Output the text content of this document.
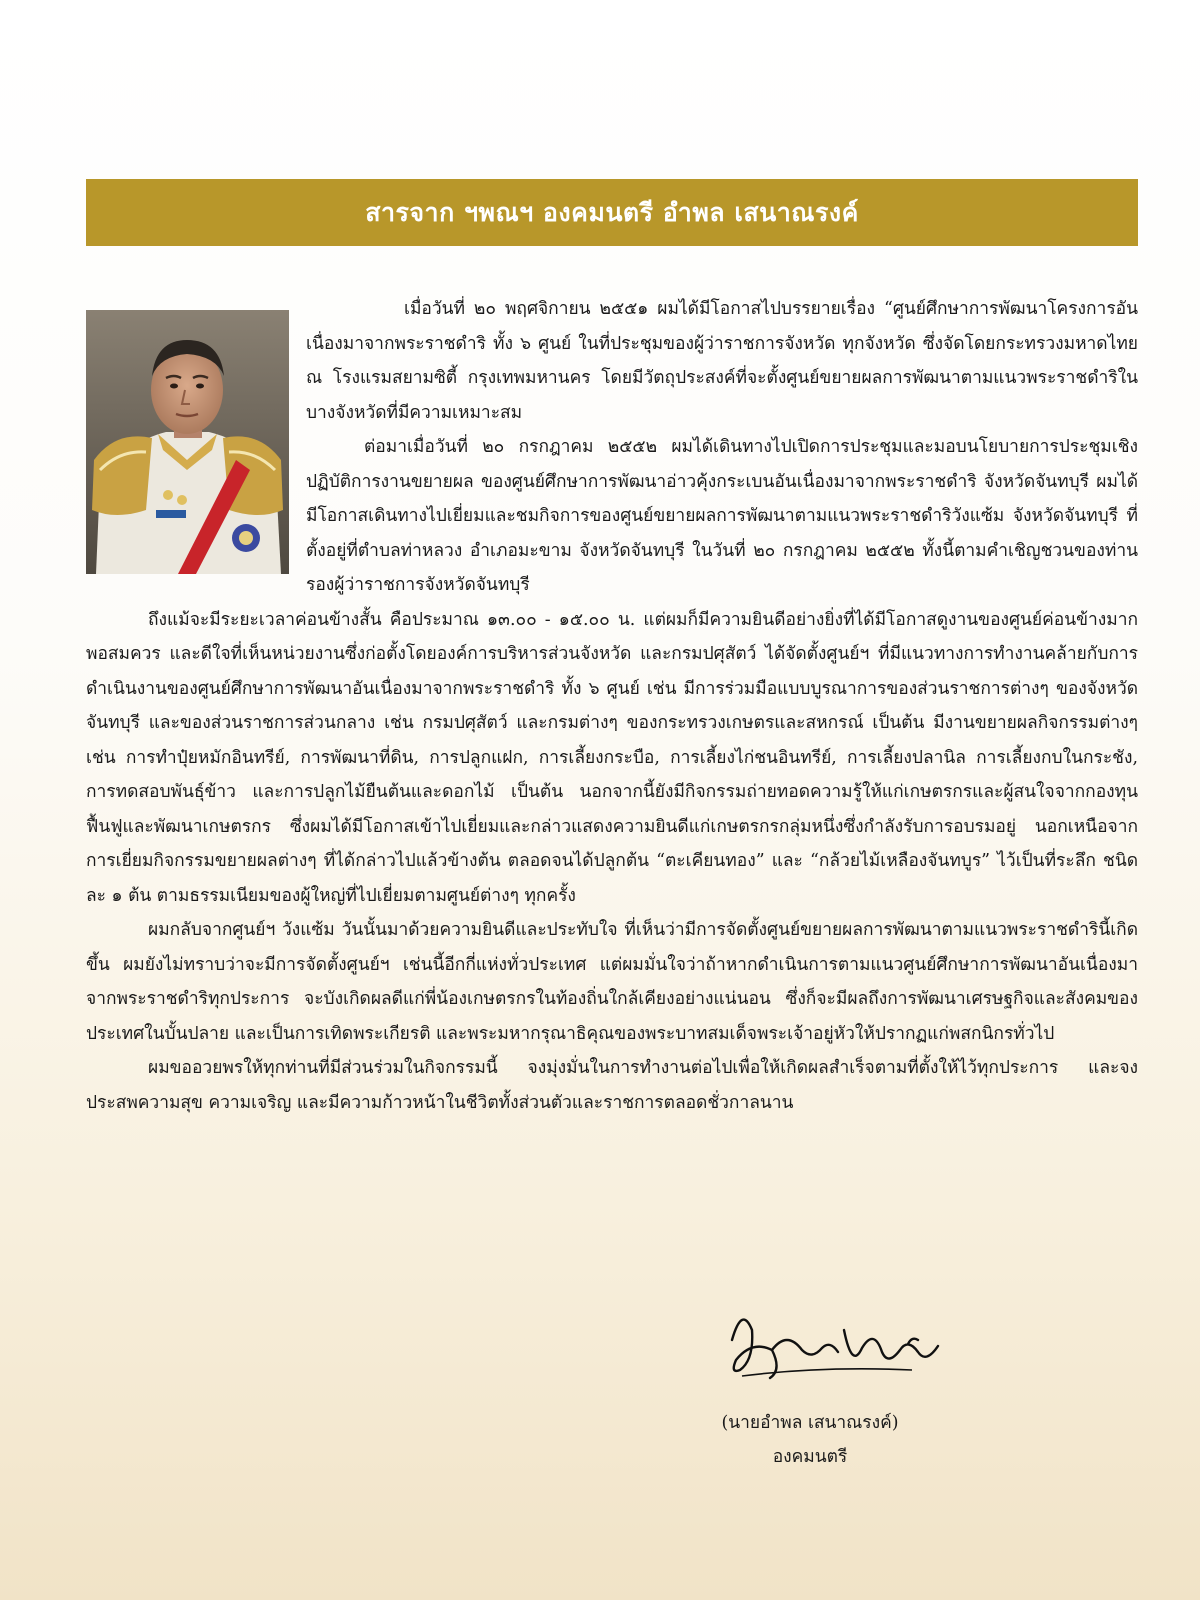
สารจาก ฯพณฯ องคมนตรี อำพล เสนาณรงค์

เมื่อวันที่ ๒๐ พฤศจิกายน ๒๕๕๑ ผมได้มีโอกาสไปบรรยายเรื่อง “ศูนย์ศึกษาการพัฒนาโครงการอันเนื่องมาจากพระราชดำริ ทั้ง ๖ ศูนย์ ในที่ประชุมของผู้ว่าราชการจังหวัด ทุกจังหวัด ซึ่งจัดโดยกระทรวงมหาดไทย ณ โรงแรมสยามซิตี้ กรุงเทพมหานคร โดยมีวัตถุประสงค์ที่จะตั้งศูนย์ขยายผลการพัฒนาตามแนวพระราชดำริในบางจังหวัดที่มีความเหมาะสม

ต่อมาเมื่อวันที่ ๒๐ กรกฎาคม ๒๕๕๒ ผมได้เดินทางไปเปิดการประชุมและมอบนโยบายการประชุมเชิงปฏิบัติการงานขยายผล ของศูนย์ศึกษาการพัฒนาอ่าวคุ้งกระเบนอันเนื่องมาจากพระราชดำริ จังหวัดจันทบุรี ผมได้มีโอกาสเดินทางไปเยี่ยมและชมกิจการของศูนย์ขยายผลการพัฒนาตามแนวพระราชดำริวังแซ้ม จังหวัดจันทบุรี ที่ตั้งอยู่ที่ตำบลท่าหลวง อำเภอมะขาม จังหวัดจันทบุรี ในวันที่ ๒๐ กรกฎาคม ๒๕๕๒ ทั้งนี้ตามคำเชิญชวนของท่านรองผู้ว่าราชการจังหวัดจันทบุรี

ถึงแม้จะมีระยะเวลาค่อนข้างสั้น คือประมาณ ๑๓.๐๐ - ๑๕.๐๐ น. แต่ผมก็มีความยินดีอย่างยิ่งที่ได้มีโอกาสดูงานของศูนย์ค่อนข้างมากพอสมควร และดีใจที่เห็นหน่วยงานซึ่งก่อตั้งโดยองค์การบริหารส่วนจังหวัด และกรมปศุสัตว์ ได้จัดตั้งศูนย์ฯ ที่มีแนวทางการทำงานคล้ายกับการดำเนินงานของศูนย์ศึกษาการพัฒนาอันเนื่องมาจากพระราชดำริ ทั้ง ๖ ศูนย์ เช่น มีการร่วมมือแบบบูรณาการของส่วนราชการต่างๆ ของจังหวัดจันทบุรี และของส่วนราชการส่วนกลาง เช่น กรมปศุสัตว์ และกรมต่างๆ ของกระทรวงเกษตรและสหกรณ์ เป็นต้น มีงานขยายผลกิจกรรมต่างๆ เช่น การทำปุ๋ยหมักอินทรีย์, การพัฒนาที่ดิน, การปลูกแฝก, การเลี้ยงกระบือ, การเลี้ยงไก่ชนอินทรีย์, การเลี้ยงปลานิล การเลี้ยงกบในกระชัง, การทดสอบพันธุ์ข้าว และการปลูกไม้ยืนต้นและดอกไม้ เป็นต้น นอกจากนี้ยังมีกิจกรรมถ่ายทอดความรู้ให้แก่เกษตรกรและผู้สนใจจากกองทุนฟื้นฟูและพัฒนาเกษตรกร ซึ่งผมได้มีโอกาสเข้าไปเยี่ยมและกล่าวแสดงความยินดีแก่เกษตรกรกลุ่มหนึ่งซึ่งกำลังรับการอบรมอยู่ นอกเหนือจากการเยี่ยมกิจกรรมขยายผลต่างๆ ที่ได้กล่าวไปแล้วข้างต้น ตลอดจนได้ปลูกต้น “ตะเคียนทอง” และ “กล้วยไม้เหลืองจันทบูร” ไว้เป็นที่ระลึก ชนิดละ ๑ ต้น ตามธรรมเนียมของผู้ใหญ่ที่ไปเยี่ยมตามศูนย์ต่างๆ ทุกครั้ง

ผมกลับจากศูนย์ฯ วังแซ้ม วันนั้นมาด้วยความยินดีและประทับใจ ที่เห็นว่ามีการจัดตั้งศูนย์ขยายผลการพัฒนาตามแนวพระราชดำรินี้เกิดขึ้น ผมยังไม่ทราบว่าจะมีการจัดตั้งศูนย์ฯ เช่นนี้อีกกี่แห่งทั่วประเทศ แต่ผมมั่นใจว่าถ้าหากดำเนินการตามแนวศูนย์ศึกษาการพัฒนาอันเนื่องมาจากพระราชดำริทุกประการ จะบังเกิดผลดีแก่พี่น้องเกษตรกรในท้องถิ่นใกล้เคียงอย่างแน่นอน ซึ่งก็จะมีผลถึงการพัฒนาเศรษฐกิจและสังคมของประเทศในบั้นปลาย และเป็นการเทิดพระเกียรติ และพระมหากรุณาธิคุณของพระบาทสมเด็จพระเจ้าอยู่หัวให้ปรากฏแก่พสกนิกรทั่วไป

ผมขออวยพรให้ทุกท่านที่มีส่วนร่วมในกิจกรรมนี้ จงมุ่งมั่นในการทำงานต่อไปเพื่อให้เกิดผลสำเร็จตามที่ตั้งให้ไว้ทุกประการ และจงประสพความสุข ความเจริญ และมีความก้าวหน้าในชีวิตทั้งส่วนตัวและราชการตลอดชั่วกาลนาน

(นายอำพล เสนาณรงค์)
องคมนตรี
